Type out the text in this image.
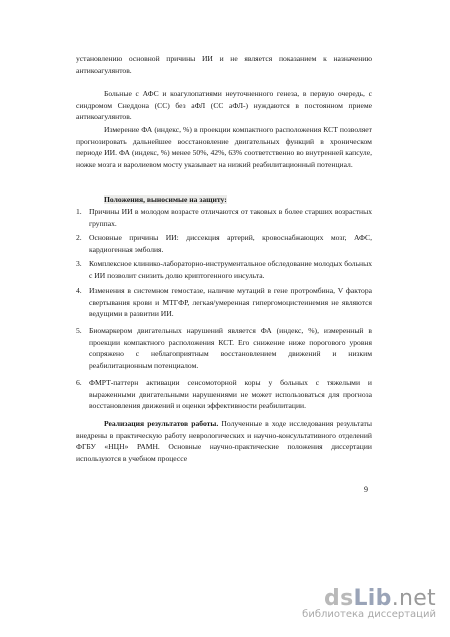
установлению основной причины ИИ и не является показанием к назначению антикоагулянтов.

Больные с АФС и коагулопатиями неуточненного генеза, в первую очередь, с синдромом Снеддона (СС) без аФЛ (СС аФЛ-) нуждаются в постоянном приеме антикоагулянтов.

Измерение ФА (индекс, %) в проекции компактного расположения КСТ позволяет прогнозировать дальнейшее восстановление двигательных функций в хроническом периоде ИИ. ФА (индекс, %) менее 50%, 42%, 63% соответственно во внутренней капсуле, ножке мозга и варолиевом мосту указывает на низкий реабилитационный потенциал.

Положения, выносимые на защиту:

1. Причины ИИ в молодом возрасте отличаются от таковых в более старших возрастных группах.
2. Основные причины ИИ: диссекция артерий, кровоснабжающих мозг, АФС, кардиогенная эмболия.
3. Комплексное клинико-лабораторно-инструментальное обследование молодых больных с ИИ позволит снизить долю криптогенного инсульта.
4. Изменения в системном гемостазе, наличие мутаций в гене протромбина, V фактора свертывания крови и МТГФР, легкая/умеренная гипергомоцистеинемия не являются ведущими в развитии ИИ.
5. Биомаркером двигательных нарушений является ФА (индекс, %), измеренный в проекции компактного расположения КСТ. Его снижение ниже порогового уровня сопряжено с неблагоприятным восстановлением движений и низким реабилитационным потенциалом.
6. ФМРТ-паттерн активации сенсомоторной коры у больных с тяжелыми и выраженными двигательными нарушениями не может использоваться для прогноза восстановления движений и оценки эффективности реабилитации.

Реализация результатов работы. Полученные в ходе исследования результаты внедрены в практическую работу неврологических и научно-консультативного отделений ФГБУ «НЦН» РАМН. Основные научно-практические положения диссертации используются в учебном процессе

9
dsLib.net
библиотека диссертаций
